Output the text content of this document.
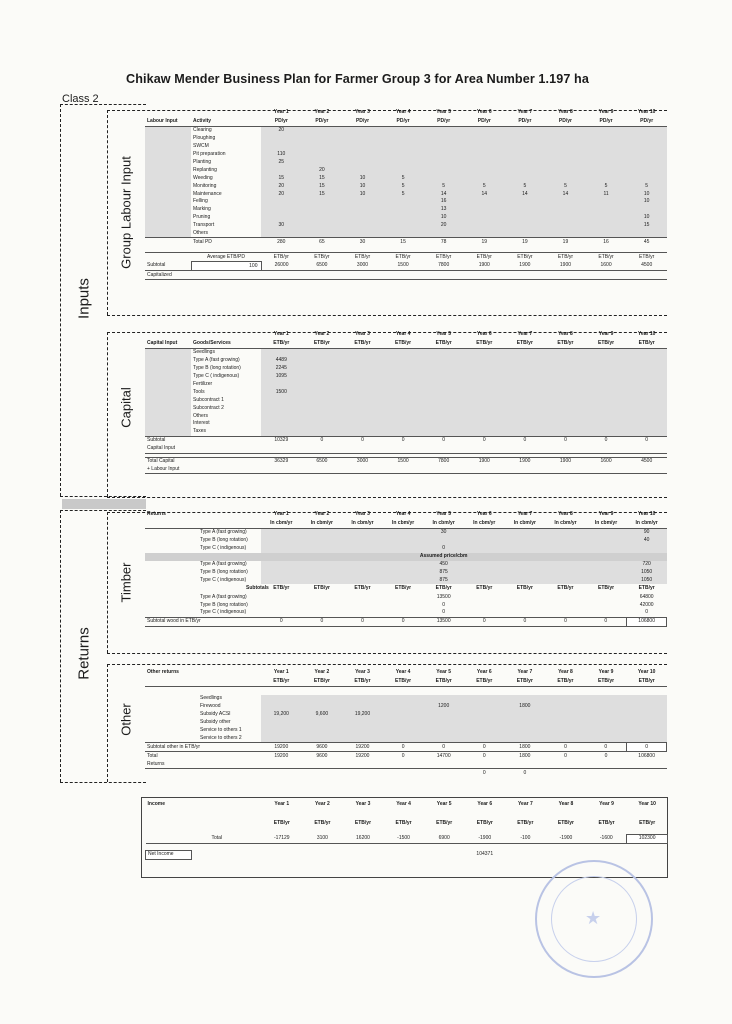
Chikaw Mender Business Plan for Farmer Group 3 for Area Number 1.197 ha
Class 2
Inputs
Returns
Group Labour Input
Capital
Timber
Other
		Year 1	Year 2	Year 3	Year 4	Year 5	Year 6	Year 7	Year 8	Year 9	Year 10
Labour Input	Activity	PD/yr	PD/yr	PD/yr	PD/yr	PD/yr	PD/yr	PD/yr	PD/yr	PD/yr	PD/yr
	Clearing	20									
	Ploughing										
	SWCM										
	Pit preparation	110									
	Planting	25									
	Replanting		20								
	Weeding	15	15	10	5						
	Monitoring	20	15	10	5	5	5	5	5	5	5
	Maintenance	20	15	10	5	14	14	14	14	11	10
	Felling					16					10
	Marking					13					
	Pruning					10					10
	Transport	30				20					15
	Others										
	Total PD	280	65	30	15	78	19	19	19	16	45

	Average ETB/PD	ETB/yr	ETB/yr	ETB/yr	ETB/yr	ETB/yr	ETB/yr	ETB/yr	ETB/yr	ETB/yr	ETB/yr
Subtotal	100	26000	6500	3000	1500	7800	1900	1900	1900	1600	4500
Capitalized											
		Year 1	Year 2	Year 3	Year 4	Year 5	Year 6	Year 7	Year 8	Year 9	Year 10
Capital Input	Goods/Services	ETB/yr	ETB/yr	ETB/yr	ETB/yr	ETB/yr	ETB/yr	ETB/yr	ETB/yr	ETB/yr	ETB/yr
	Seedlings										
	Type A (fast growing)	4489									
	Type B (long rotation)	2245									
	Type C ( indigenous)	1095									
	Fertilizer										
	Tools	1500									
	Subcontract 1										
	Subcontract 2										
	Others										
	Interest										
	Taxes										
Subtotal		10329	0	0	0	0	0	0	0	0	0
Capital Input											

Total Capital		36329	6500	3000	1500	7800	1900	1900	1900	1600	4500
+ Labour Input											
Returns		Year 1	Year 2	Year 3	Year 4	Year 5	Year 6	Year 7	Year 8	Year 9	Year 10
		In cbm/yr	In cbm/yr	In cbm/yr	In cbm/yr	In cbm/yr	In cbm/yr	In cbm/yr	In cbm/yr	In cbm/yr	In cbm/yr
Type A (fast growing)						30					90
Type B (long rotation)											40
Type C ( indigenous)						0					
					Assumed price/cbm						
Type A (fast growing)						450					720
Type B (long rotation)						875					1050
Type C ( indigenous)						875					1050
	Subtotals	ETB/yr	ETB/yr	ETB/yr	ETB/yr	ETB/yr	ETB/yr	ETB/yr	ETB/yr	ETB/yr	ETB/yr
Type A (fast growing)						13500					64800
Type B (long rotation)						0					42000
Type C ( indigenous)						0					0
Subtotal wood in ETB/yr		0	0	0	0	13500	0	0	0	0	106800
Other returns		Year 1	Year 2	Year 3	Year 4	Year 5	Year 6	Year 7	Year 8	Year 9	Year 10
		ETB/yr	ETB/yr	ETB/yr	ETB/yr	ETB/yr	ETB/yr	ETB/yr	ETB/yr	ETB/yr	ETB/yr

Seedlings											
Firewood						1200		1800			
Subsidy ACSI		19,200	9,600	19,200							
Subsidy other											
Service to others 1											
Service to others 2											
Subtotal other in ETB/yr		19200	9600	19200	0	0	0	1800	0	0	0
Total		19200	9600	19200	0	14700	0	1800	0	0	106800
Returns											
							0	0			
Income		Year 1	Year 2	Year 3	Year 4	Year 5	Year 6	Year 7	Year 8	Year 9	Year 10

		ETB/yr	ETB/yr	ETB/yr	ETB/yr	ETB/yr	ETB/yr	ETB/yr	ETB/yr	ETB/yr	ETB/yr

	Total	-17129	3100	16200	-1500	6900	-1900	-100	-1900	-1600	102300

Net Income							104371				
★
